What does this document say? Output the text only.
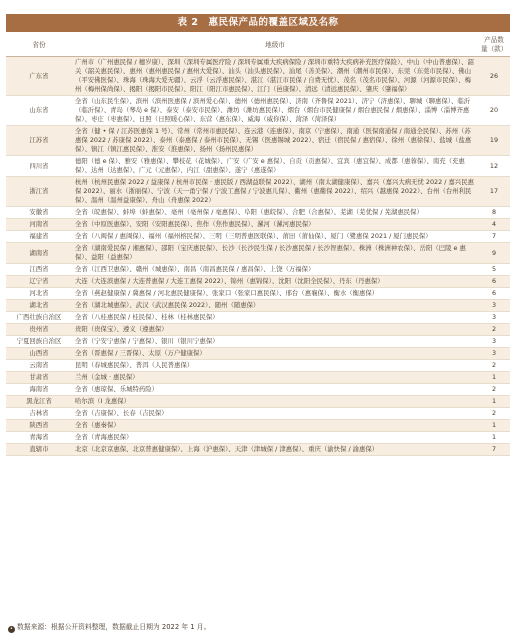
表 2　惠民保产品的覆盖区域及名称
省份	地级市	产品数量（款）
广东省	广州市（广州惠民保 / 穗岁康）、深圳（深圳专属医疗险 / 深圳专属重大疾病保险 / 深圳市重特大疾病补充医疗保险）、中山（中山普惠保）、韶关（韶关惠民保）、惠州（惠州惠民保 / 惠州大爱保）、汕头（汕头惠民保）、汕尾（善美保）、潮州（潮州市民保）、东莞（东莞市民保）、佛山（平安佛医保）、珠海（珠海大爱无疆）、云浮（云浮惠民保）、湛江（湛江市民保 / 自费无忧）、茂名（茂名市民保）、河源（河源市民保）、梅州（梅州保尚保）、揭阳（揭阳市民保）、阳江（阳江市惠民保）、江门（邑康保）、清远（清远惠民保）、肇庆（肇福保）	26
山东省	全省（山东民生保）、滨州（滨州医惠保 / 滨州爱心保）、德州（德州惠民保）、济南（齐鲁保 2021）、济宁（济惠保）、聊城（聊惠保）、临沂（临沂保）、青岛（琴岛 e 保）、泰安（泰安市民保）、潍坊（潍坊惠民保）、烟台（烟台市民健康保 / 烟台惠民保 / 烟惠保）、淄博（淄博齐惠保）、枣庄（枣惠保）、日照（日照暖心保）、东营（惠东保）、威海（威你保）、菏泽（菏泽保）	20
江苏省	全省（健 • 保 / 江苏医惠保 1 号）、常州（常州市惠民保）、连云港（连惠保）、南京（宁惠保）、南通（医保南通保 / 南通全民保）、苏州（苏惠保 2022 / 苏康保 2022）、泰州（泰惠保 / 泰州市民保）、无锡（医惠锡城 2022）、宿迁（宿民保 / 惠宿保）、徐州（惠徐保）、盐城（盐惠保）、镇江（镇江惠民保）、淮安（淮惠保）、扬州（扬州民惠保）	19
四川省	德阳（德 e 保）、雅安（雅惠保）、攀枝花（花城保）、广安（广安 e 惠保）、自贡（贡惠保）、宜宾（惠宜保）、成都（惠蓉保）、南充（充惠保）、达州（达惠保）、广元（元惠保）、内江（甜惠保）、遂宁（惠遂保）	12
浙江省	杭州（杭州民惠保 2022 / 益康保 / 杭州市民保 · 惠民版 / 西湖益联保 2022）、湖州（南太湖健康保）、嘉兴（嘉兴大病无忧 2022 / 嘉兴民惠保 2022）、丽水（浙丽保）、宁波（天一甬宁保 / 宁波工惠保 / 宁波惠儿保）、衢州（惠衢保 2022）、绍兴（越惠保 2022）、台州（台州利民保）、温州（温州益康保）、舟山（舟惠保 2022）	17
安徽省	全省（皖惠保）、蚌埠（蚌惠保）、亳州（亳州保 / 亳惠保）、阜阳（惠皖保）、合肥（合惠保）、芜湖（芜优保 / 芜湖惠民保）	8
河南省	全省（中原医惠保）、安阳（安阳惠民保）、焦作（焦作惠民保）、漯河（漯河惠民保）	4
福建省	全省（八闽保 / 惠闽保）、福州（福州榕民保）、三明（三明普惠医联保）、莆田（莆仙保）、厦门（鹭惠保 2021 / 厦门惠民保）	7
湖南省	全省（湖南爱民保 / 湘惠保）、邵阳（宝庆惠民保）、长沙（长沙民生保 / 长沙惠民保 / 长沙智惠保）、株洲（株洲神农保）、岳阳（巴陵 e 惠保）、益阳（益惠保）	9
江西省	全省（江西卫惠保）、赣州（城惠保）、南昌（南昌惠民保 / 惠昌保）、上饶（万福保）	5
辽宁省	大连（大连滨惠保 / 大连普惠保 / 大连工惠保 2022）、锦州（惠锦保）、沈阳（沈阳全民保）、丹东（丹惠保）	6
河北省	全省（燕赵健康保 / 冀惠保 / 河北惠民健康保）、张家口（张家口惠民保）、邢台（惠襄保）、衡水（衡惠保）	6
湖北省	全省（湖北城惠保）、武汉（武汉惠民保 2022）、随州（随惠保）	3
广西壮族自治区	全省（八桂惠民保 / 桂民保）、桂林（桂林惠民保）	3
贵州省	贵阳（贵保宝）、遵义（遵惠保）	2
宁夏回族自治区	全省（宁安宁惠保 / 宁惠保）、银川（银川宁惠保）	3
山西省	全省（晋惠保 / 三晋保）、太原（万户健康保）	3
云南省	昆明（春城惠民保）、普洱（人民普惠保）	2
甘肃省	兰州（金城 · 惠民保）	1
海南省	全省（惠琼保、乐城特药险）	2
黑龙江省	哈尔滨（I 龙惠保）	1
吉林省	全省（吉康保）、长春（吉民保）	2
陕西省	全省（惠秦保）	1
青海省	全省（青海惠民保）	1
直辖市	北京（北京京惠保、北京普惠健康保）、上海（沪惠保）、天津（津城保 / 津惠保）、重庆（渝快保 / 渝惠保）	7
• 数据来源：根据公开资料整理，数据截止日期为 2022 年 1 月。
